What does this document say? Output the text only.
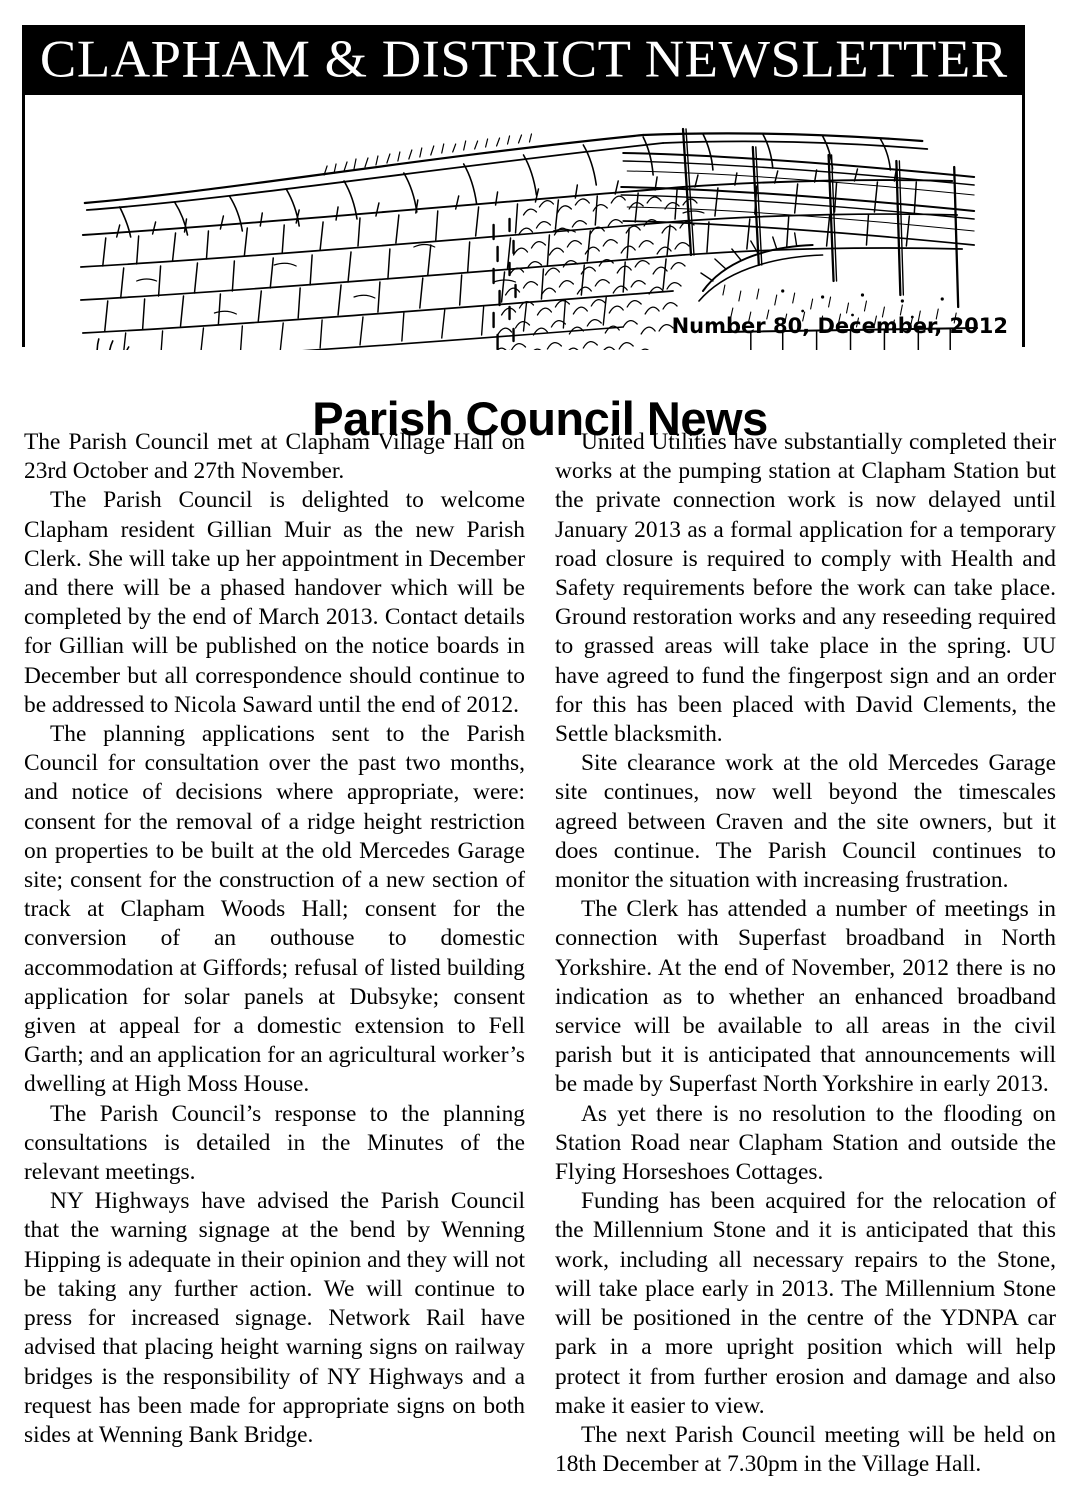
CLAPHAM & DISTRICT NEWSLETTER
Number 80, December, 2012
Parish Council News

The Parish Council met at Clapham Village Hall on 23rd October and 27th November.

The Parish Council is delighted to welcome Clapham resident Gillian Muir as the new Parish Clerk. She will take up her appointment in December and there will be a phased handover which will be completed by the end of March 2013. Contact details for Gillian will be published on the notice boards in December but all correspondence should continue to be addressed to Nicola Saward until the end of 2012.

The planning applications sent to the Parish Council for consultation over the past two months, and notice of decisions where appropriate, were: consent for the removal of a ridge height restriction on properties to be built at the old Mercedes Garage site; consent for the construction of a new section of track at Clapham Woods Hall; consent for the conversion of an outhouse to domestic accommodation at Giffords; refusal of listed building application for solar panels at Dubsyke; consent given at appeal for a domestic extension to Fell Garth; and an application for an agricultural worker’s dwelling at High Moss House.

The Parish Council’s response to the planning consultations is detailed in the Minutes of the relevant meetings.

NY Highways have advised the Parish Council that the warning signage at the bend by Wenning Hipping is adequate in their opinion and they will not be taking any further action. We will continue to press for increased signage. Network Rail have advised that placing height warning signs on railway bridges is the responsibility of NY Highways and a request has been made for appropriate signs on both sides at Wenning Bank Bridge.

United Utilities have substantially completed their works at the pumping station at Clapham Station but the private connection work is now delayed until January 2013 as a formal application for a temporary road closure is required to comply with Health and Safety requirements before the work can take place. Ground restoration works and any reseeding required to grassed areas will take place in the spring. UU have agreed to fund the fingerpost sign and an order for this has been placed with David Clements, the Settle blacksmith.

Site clearance work at the old Mercedes Garage site continues, now well beyond the timescales agreed between Craven and the site owners, but it does continue. The Parish Council continues to monitor the situation with increasing frustration.

The Clerk has attended a number of meetings in connection with Superfast broadband in North Yorkshire. At the end of November, 2012 there is no indication as to whether an enhanced broadband service will be available to all areas in the civil parish but it is anticipated that announcements will be made by Superfast North Yorkshire in early 2013.

As yet there is no resolution to the flooding on Station Road near Clapham Station and outside the Flying Horseshoes Cottages.

Funding has been acquired for the relocation of the Millennium Stone and it is anticipated that this work, including all necessary repairs to the Stone, will take place early in 2013. The Millennium Stone will be positioned in the centre of the YDNPA car park in a more upright position which will help protect it from further erosion and damage and also make it easier to view.

The next Parish Council meeting will be held on 18th December at 7.30pm in the Village Hall.
